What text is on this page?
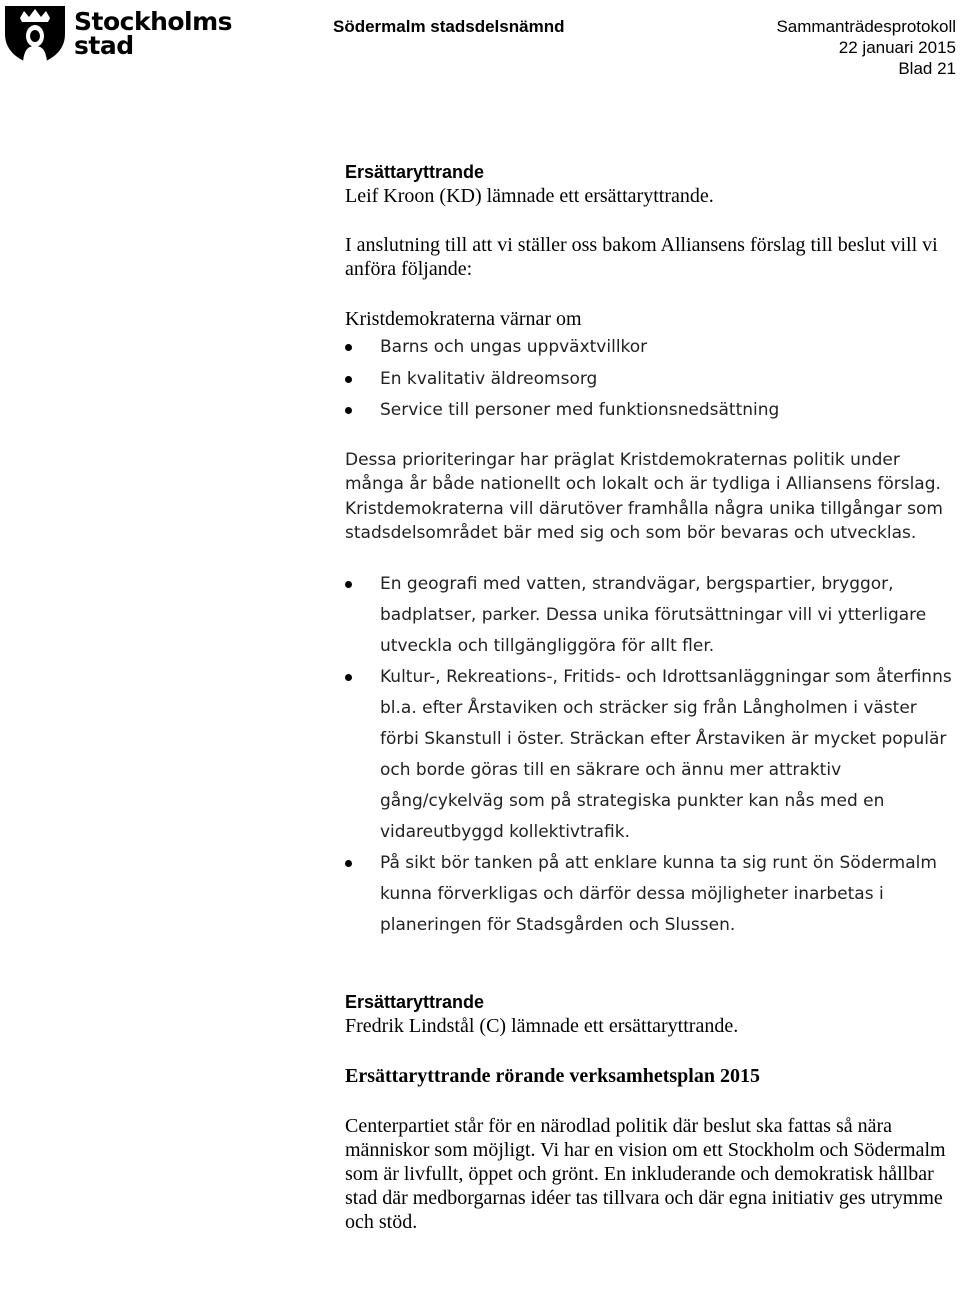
Stockholms
stad
Södermalm stadsdelsnämnd	Sammanträdesprotokoll
22 januari 2015
Blad 21

Ersättaryttrande

Leif Kroon (KD) lämnade ett ersättaryttrande.

I anslutning till att vi ställer oss bakom Alliansens förslag till beslut vill vi anföra följande:

Kristdemokraterna värnar om

Barns och ungas uppväxtvillkor
En kvalitativ äldreomsorg
Service till personer med funktionsnedsättning

Dessa prioriteringar har präglat Kristdemokraternas politik under många år både nationellt och lokalt och är tydliga i Alliansens förslag.

Kristdemokraterna vill därutöver framhålla några unika tillgångar som stadsdelsområdet bär med sig och som bör bevaras och utvecklas.

En geografi med vatten, strandvägar, bergspartier, bryggor, badplatser, parker. Dessa unika förutsättningar vill vi ytterligare utveckla och tillgängliggöra för allt fler.
Kultur-, Rekreations-, Fritids- och Idrottsanläggningar som återfinns bl.a. efter Årstaviken och sträcker sig från Långholmen i väster förbi Skanstull i öster. Sträckan efter Årstaviken är mycket populär och borde göras till en säkrare och ännu mer attraktiv gång/cykelväg som på strategiska punkter kan nås med en vidareutbyggd kollektivtrafik.
På sikt bör tanken på att enklare kunna ta sig runt ön Södermalm kunna förverkligas och därför dessa möjligheter inarbetas i planeringen för Stadsgården och Slussen.

Ersättaryttrande

Fredrik Lindstål (C) lämnade ett ersättaryttrande.

Ersättaryttrande rörande verksamhetsplan 2015

Centerpartiet står för en närodlad politik där beslut ska fattas så nära människor som möjligt. Vi har en vision om ett Stockholm och Södermalm som är livfullt, öppet och grönt. En inkluderande och demokratisk hållbar stad där medborgarnas idéer tas tillvara och där egna initiativ ges utrymme och stöd.
